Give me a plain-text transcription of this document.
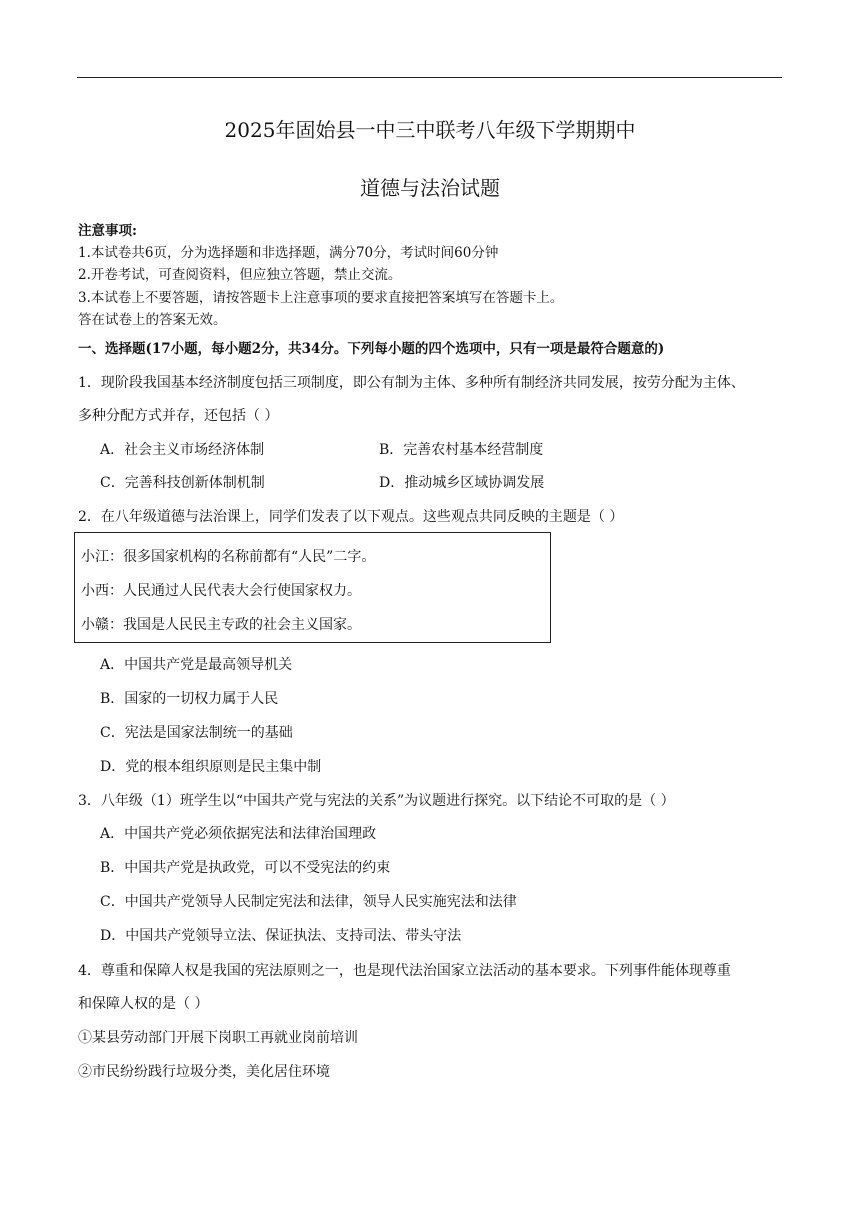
2025年固始县一中三中联考八年级下学期期中
道德与法治试题
注意事项:
1.本试卷共6页，分为选择题和非选择题，满分70分，考试时间60分钟
2.开卷考试，可查阅资料，但应独立答题，禁止交流。
3.本试卷上不要答题，请按答题卡上注意事项的要求直接把答案填写在答题卡上。
答在试卷上的答案无效。
一、选择题(17小题，每小题2分，共34分。下列每小题的四个选项中，只有一项是最符合题意的)
1．现阶段我国基本经济制度包括三项制度，即公有制为主体、多种所有制经济共同发展，按劳分配为主体、
多种分配方式并存，还包括（ ）
A．社会主义市场经济体制	B．完善农村基本经营制度
C．完善科技创新体制机制	D．推动城乡区域协调发展
2．在八年级道德与法治课上，同学们发表了以下观点。这些观点共同反映的主题是（ ）
小江：很多国家机构的名称前都有“人民”二字。
小西：人民通过人民代表大会行使国家权力。
小赣：我国是人民民主专政的社会主义国家。
A．中国共产党是最高领导机关
B．国家的一切权力属于人民
C．宪法是国家法制统一的基础
D．党的根本组织原则是民主集中制
3．八年级（1）班学生以“中国共产党与宪法的关系”为议题进行探究。以下结论不可取的是（ ）
A．中国共产党必须依据宪法和法律治国理政
B．中国共产党是执政党，可以不受宪法的约束
C．中国共产党领导人民制定宪法和法律，领导人民实施宪法和法律
D．中国共产党领导立法、保证执法、支持司法、带头守法
4．尊重和保障人权是我国的宪法原则之一，也是现代法治国家立法活动的基本要求。下列事件能体现尊重
和保障人权的是（ ）
①某县劳动部门开展下岗职工再就业岗前培训
②市民纷纷践行垃圾分类，美化居住环境
